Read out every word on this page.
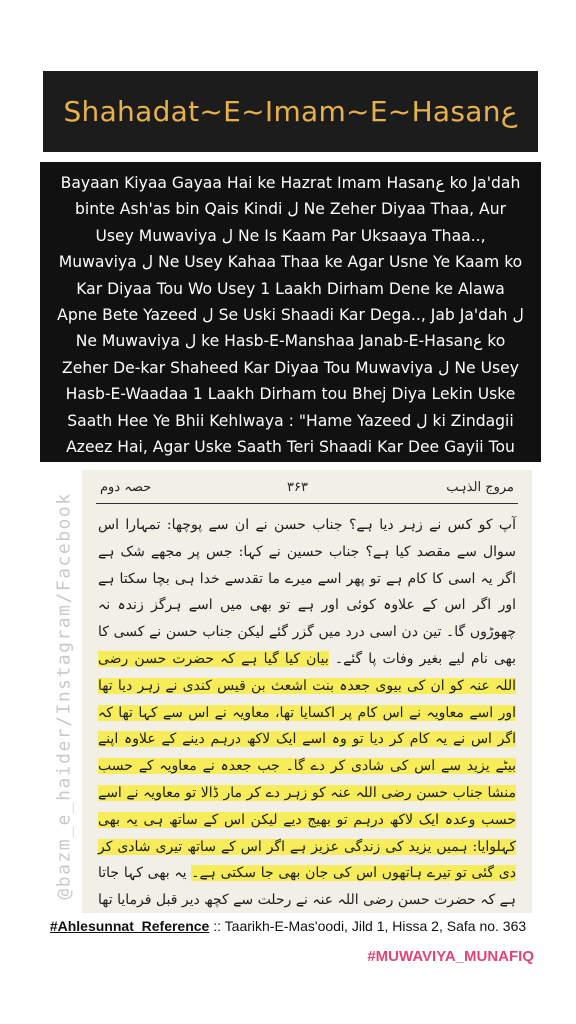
Shahadat~E~Imam~E~Hasanع

Bayaan Kiyaa Gayaa Hai ke Hazrat Imam Hasanع ko Ja'dah binte Ash'as bin Qais Kindi ل Ne Zeher Diyaa Thaa, Aur Usey Muwaviya ل Ne Is Kaam Par Uksaaya Thaa.., Muwaviya ل Ne Usey Kahaa Thaa ke Agar Usne Ye Kaam ko Kar Diyaa Tou Wo Usey 1 Laakh Dirham Dene ke Alawa Apne Bete Yazeed ل Se Uski Shaadi Kar Dega.., Jab Ja'dah ل Ne Muwaviya ل ke Hasb-E-Manshaa Janab-E-Hasanع ko Zeher De-kar Shaheed Kar Diyaa Tou Muwaviya ل Ne Usey Hasb-E-Waadaa 1 Laakh Dirham tou Bhej Diya Lekin Uske Saath Hee Ye Bhii Kehlwaya : "Hame Yazeed ل ki Zindagii Azeez Hai, Agar Uske Saath Teri Shaadi Kar Dee Gayii Tou

@bazm_e_haider/Instagram/Facebook
حصہ دوم	۳۶۳	مروج الذہب
آپ کو کس نے زہر دیا ہے؟ جناب حسن نے ان سے پوچھا: تمہارا اس سوال سے مقصد کیا ہے؟ جناب حسین نے کہا: جس پر مجھے شک ہے اگر یہ اسی کا کام ہے تو پھر اسے میرے ما تقدسے خدا ہی بچا سکتا ہے اور اگر اس کے علاوہ کوئی اور ہے تو بھی میں اسے ہرگز زندہ نہ چھوڑوں گا۔ تین دن اسی درد میں گزر گئے لیکن جناب حسن نے کسی کا بھی نام لیے بغیر وفات پا گئے۔ بیان کیا گیا ہے کہ حضرت حسن رضی اللہ عنہ کو ان کی بیوی جعدہ بنت اشعث بن قیس کندی نے زہر دیا تھا اور اسے معاویہ نے اس کام پر اکسایا تھا، معاویہ نے اس سے کہا تھا کہ اگر اس نے یہ کام کر دیا تو وہ اسے ایک لاکھ درہم دینے کے علاوہ اپنے بیٹے یزید سے اس کی شادی کر دے گا۔ جب جعدہ نے معاویہ کے حسب منشا جناب حسن رضی اللہ عنہ کو زہر دے کر مار ڈالا تو معاویہ نے اسے حسب وعدہ ایک لاکھ درہم تو بھیج دیے لیکن اس کے ساتھ ہی یہ بھی کہلوایا: ہمیں یزید کی زندگی عزیز ہے اگر اس کے ساتھ تیری شادی کر دی گئی تو تیرے ہاتھوں اس کی جان بھی جا سکتی ہے۔ یہ بھی کہا جاتا ہے کہ حضرت حسن رضی اللہ عنہ نے رحلت سے کچھ دیر قبل فرمایا تھا
#Ahlesunnat_Reference :: Taarikh-E-Mas'oodi, Jild 1, Hissa 2, Safa no. 363
#MUWAVIYA_MUNAFIQ
